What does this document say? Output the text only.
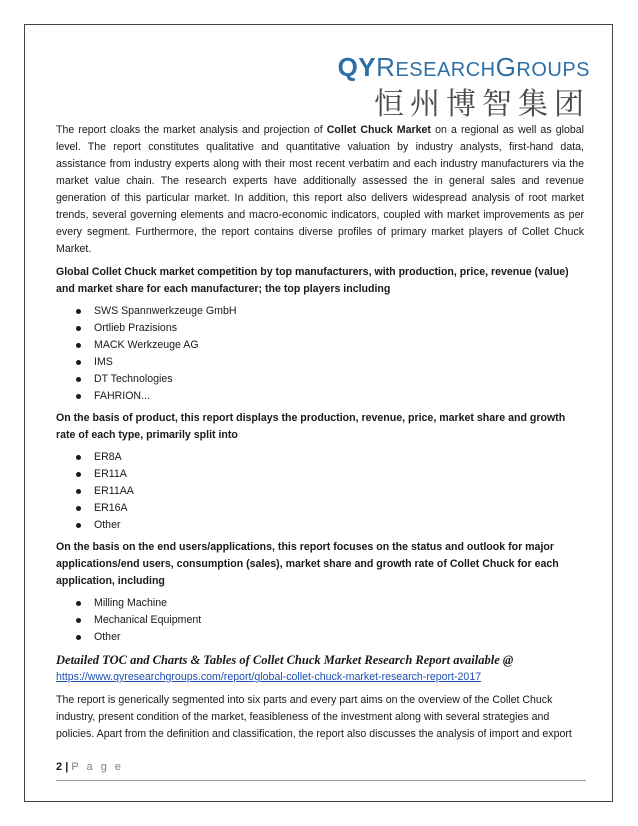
QYRESEARCHGROUPS
恒州博智集团

The report cloaks the market analysis and projection of Collet Chuck Market on a regional as well as global level. The report constitutes qualitative and quantitative valuation by industry analysts, first-hand data, assistance from industry experts along with their most recent verbatim and each industry manufacturers via the market value chain. The research experts have additionally assessed the in general sales and revenue generation of this particular market. In addition, this report also delivers widespread analysis of root market trends, several governing elements and macro-economic indicators, coupled with market improvements as per every segment. Furthermore, the report contains diverse profiles of primary market players of Collet Chuck Market.

Global Collet Chuck market competition by top manufacturers, with production, price, revenue (value) and market share for each manufacturer; the top players including

SWS Spannwerkzeuge GmbH
Ortlieb Prazisions
MACK Werkzeuge AG
IMS
DT Technologies
FAHRION...

On the basis of product, this report displays the production, revenue, price, market share and growth rate of each type, primarily split into

ER8A
ER11A
ER11AA
ER16A
Other

On the basis on the end users/applications, this report focuses on the status and outlook for major applications/end users, consumption (sales), market share and growth rate of Collet Chuck for each application, including

Milling Machine
Mechanical Equipment
Other

Detailed TOC and Charts & Tables of Collet Chuck Market Research Report available @

https://www.qyresearchgroups.com/report/global-collet-chuck-market-research-report-2017

The report is generically segmented into six parts and every part aims on the overview of the Collet Chuck industry, present condition of the market, feasibleness of the investment along with several strategies and policies. Apart from the definition and classification, the report also discusses the analysis of import and export

2 | P a g e
